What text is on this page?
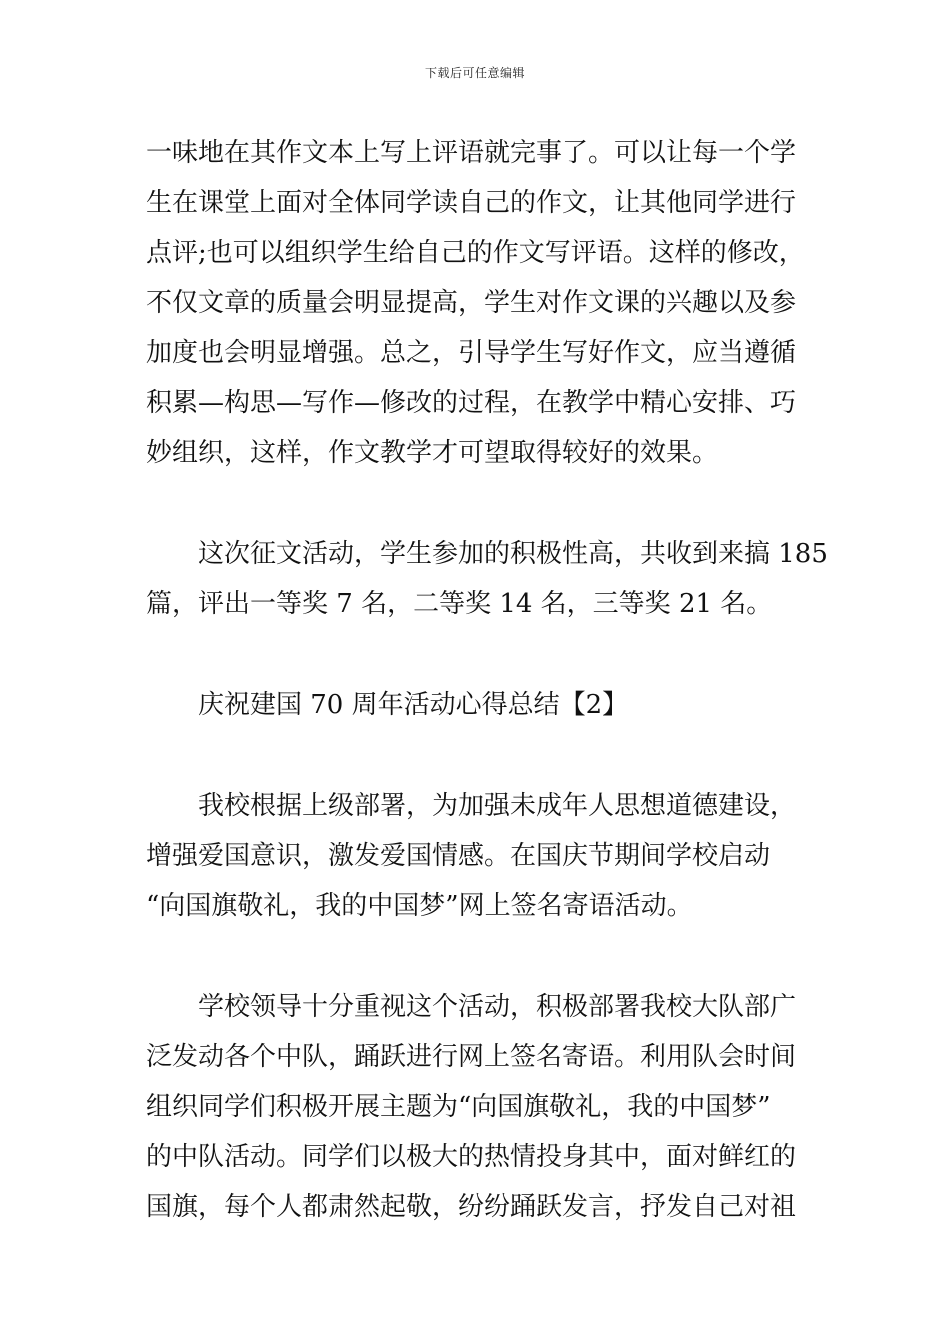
下载后可任意编辑
一味地在其作文本上写上评语就完事了。可以让每一个学
生在课堂上面对全体同学读自己的作文，让其他同学进行
点评;也可以组织学生给自己的作文写评语。这样的修改，
不仅文章的质量会明显提高，学生对作文课的兴趣以及参
加度也会明显增强。总之，引导学生写好作文，应当遵循
积累—构思—写作—修改的过程，在教学中精心安排、巧
妙组织，这样，作文教学才可望取得较好的效果。
这次征文活动，学生参加的积极性高，共收到来搞 185
篇，评出一等奖 7 名，二等奖 14 名，三等奖 21 名。
庆祝建国 70 周年活动心得总结【2】
我校根据上级部署，为加强未成年人思想道德建设，
增强爱国意识，激发爱国情感。在国庆节期间学校启动
“向国旗敬礼，我的中国梦”网上签名寄语活动。
学校领导十分重视这个活动，积极部署我校大队部广
泛发动各个中队，踊跃进行网上签名寄语。利用队会时间
组织同学们积极开展主题为“向国旗敬礼，我的中国梦”
的中队活动。同学们以极大的热情投身其中，面对鲜红的
国旗，每个人都肃然起敬，纷纷踊跃发言，抒发自己对祖
